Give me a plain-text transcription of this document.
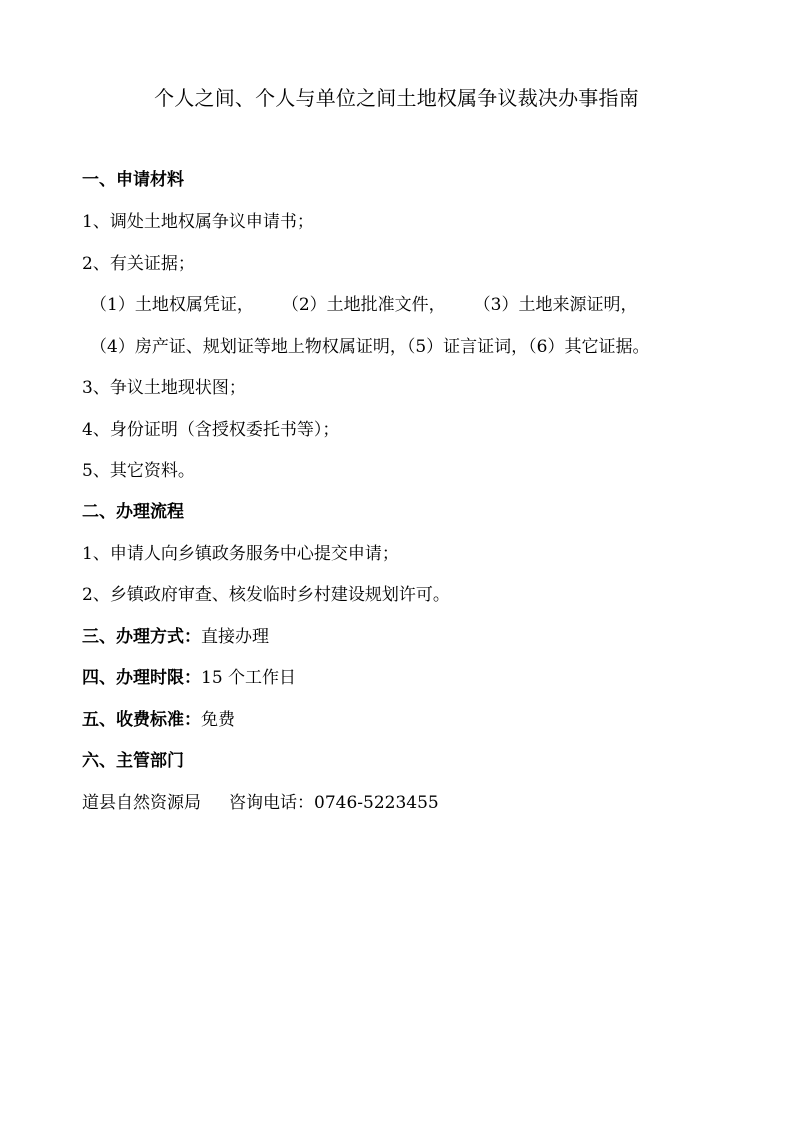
个人之间、个人与单位之间土地权属争议裁决办事指南
一、申请材料
1、调处土地权属争议申请书；
2、有关证据；
（1）土地权属凭证， （2）土地批准文件， （3）土地来源证明，
（4）房产证、规划证等地上物权属证明，（5）证言证词，（6）其它证据。
3、争议土地现状图；
4、身份证明（含授权委托书等）；
5、其它资料。
二、办理流程
1、申请人向乡镇政务服务中心提交申请；
2、乡镇政府审查、核发临时乡村建设规划许可。
三、办理方式：直接办理
四、办理时限：15 个工作日
五、收费标准：免费
六、主管部门
道县自然资源局 咨询电话：0746-5223455
